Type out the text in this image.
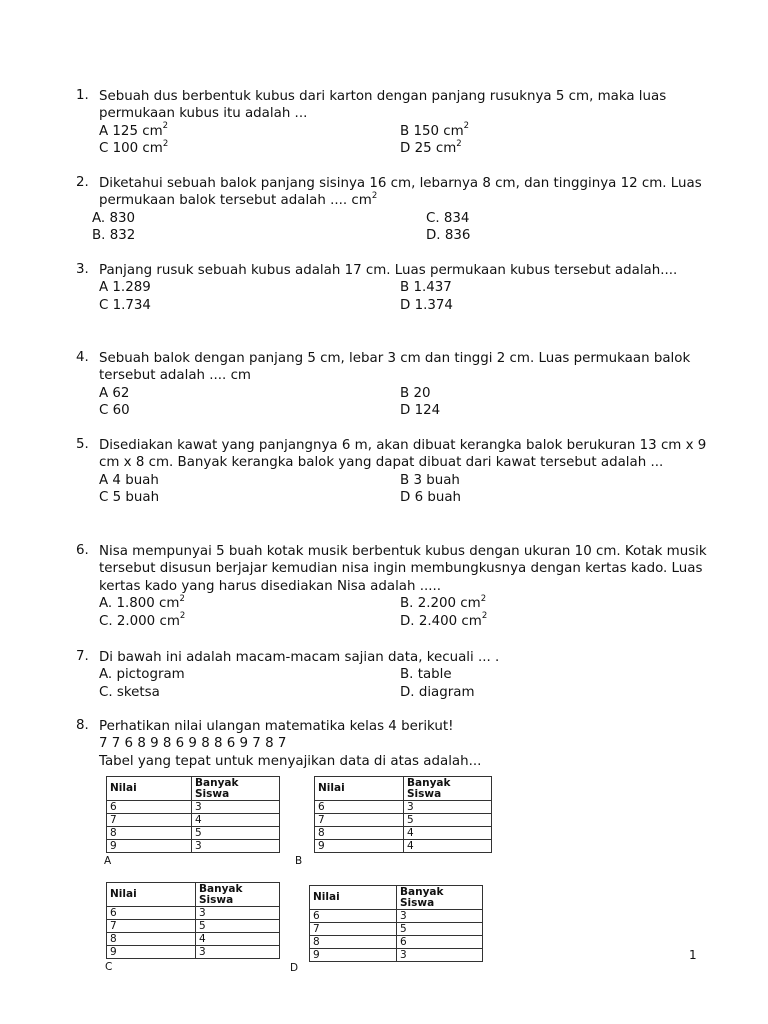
1. Sebuah dus berbentuk kubus dari karton dengan panjang rusuknya 5 cm, maka luas permukaan kubus itu adalah ...
A 125 $cm^2$	B 150 $cm^2$
C 100 $cm^2$	D 25 $cm^2$
2. Diketahui sebuah balok panjang sisinya 16 cm, lebarnya 8 cm, dan tingginya 12 cm. Luas permukaan balok tersebut adalah .... $cm^2$
A. 830	C. 834
B. 832	D. 836
3. Panjang rusuk sebuah kubus adalah 17 cm. Luas permukaan kubus tersebut adalah....
A 1.289	B 1.437
C 1.734	D 1.374
4. Sebuah balok dengan panjang 5 cm, lebar 3 cm dan tinggi 2 cm. Luas permukaan balok tersebut adalah .... cm
A 62	B 20
C 60	D 124
5. Disediakan kawat yang panjangnya 6 m, akan dibuat kerangka balok berukuran 13 cm x 9 cm x 8 cm. Banyak kerangka balok yang dapat dibuat dari kawat tersebut adalah ...
A 4 buah	B 3 buah
C 5 buah	D 6 buah
6. Nisa mempunyai 5 buah kotak musik berbentuk kubus dengan ukuran 10 cm. Kotak musik tersebut disusun berjajar kemudian nisa ingin membungkusnya dengan kertas kado. Luas kertas kado yang harus disediakan Nisa adalah .....
A. 1.800 $cm^2$	B. 2.200 $cm^2$
C. 2.000 $cm^2$	D. 2.400 $cm^2$
7. Di bawah ini adalah macam-macam sajian data, kecuali ... .
A. pictogram	B. table
C. sketsa	D. diagram
8. Perhatikan nilai ulangan matematika kelas 4 berikut!
7 7 6 8 9 8 6 9 8 8 6 9 7 8 7
Tabel yang tepat untuk menyajikan data di atas adalah...
Nilai	Banyak Siswa
6	3
7	4
8	5
9	3
A
Nilai	Banyak Siswa
6	3
7	5
8	4
9	4
B
Nilai	Banyak Siswa
6	3
7	5
8	4
9	3
C
Nilai	Banyak Siswa
6	3
7	5
8	6
9	3
D
1
